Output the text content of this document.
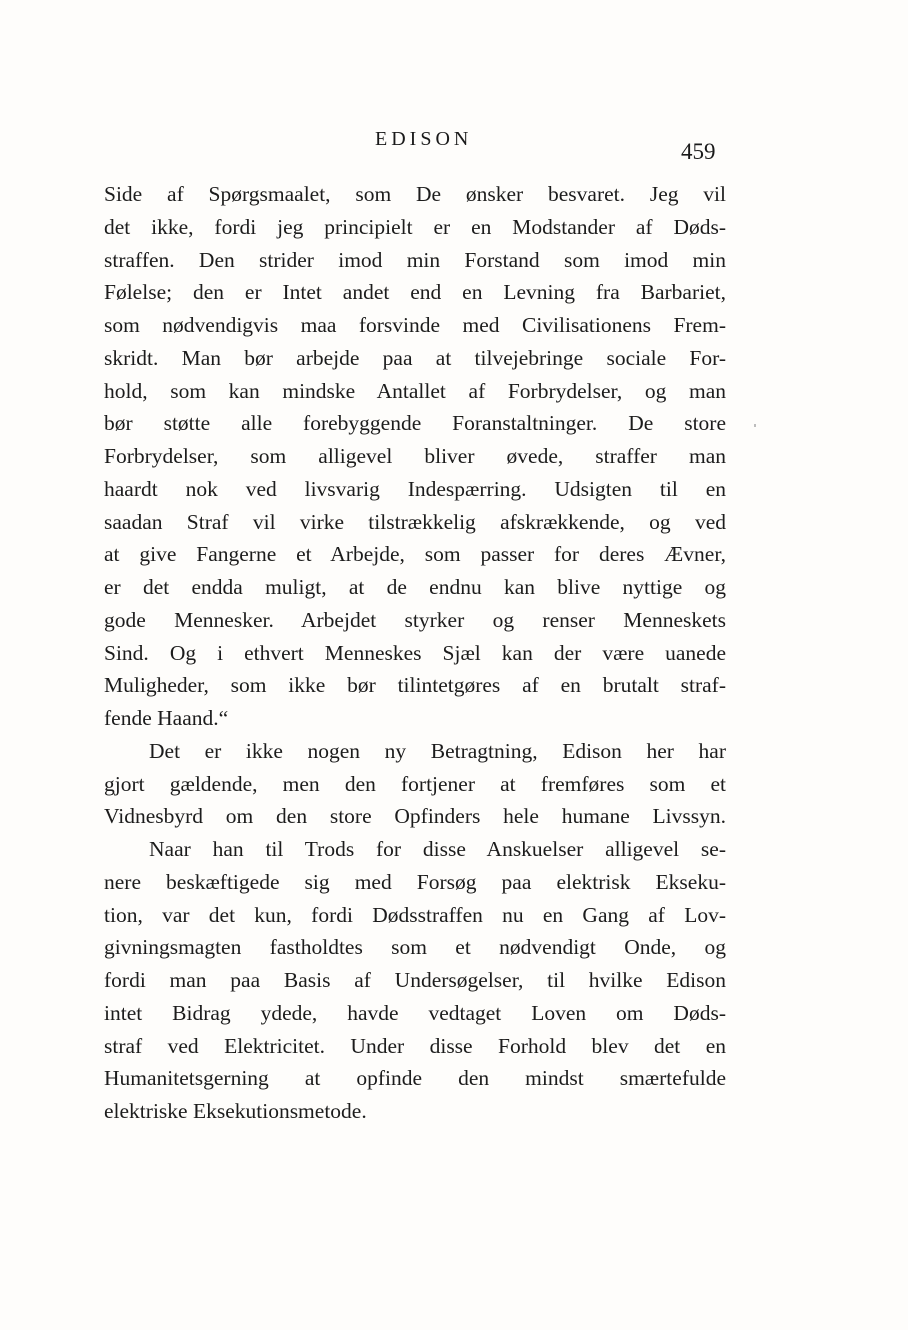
EDISON	459
Side af Spørgsmaalet, som De ønsker besvaret. Jeg vil
det ikke, fordi jeg principielt er en Modstander af Døds-
straffen. Den strider imod min Forstand som imod min
Følelse; den er Intet andet end en Levning fra Barbariet,
som nødvendigvis maa forsvinde med Civilisationens Frem-
skridt. Man bør arbejde paa at tilvejebringe sociale For-
hold, som kan mindske Antallet af Forbrydelser, og man
bør støtte alle forebyggende Foranstaltninger. De store
Forbrydelser, som alligevel bliver øvede, straffer man
haardt nok ved livsvarig Indespærring. Udsigten til en
saadan Straf vil virke tilstrækkelig afskrækkende, og ved
at give Fangerne et Arbejde, som passer for deres Ævner,
er det endda muligt, at de endnu kan blive nyttige og
gode Mennesker. Arbejdet styrker og renser Menneskets
Sind. Og i ethvert Menneskes Sjæl kan der være uanede
Muligheder, som ikke bør tilintetgøres af en brutalt straf-
fende Haand.“
Det er ikke nogen ny Betragtning, Edison her har
gjort gældende, men den fortjener at fremføres som et
Vidnesbyrd om den store Opfinders hele humane Livssyn.
Naar han til Trods for disse Anskuelser alligevel se-
nere beskæftigede sig med Forsøg paa elektrisk Ekseku-
tion, var det kun, fordi Dødsstraffen nu en Gang af Lov-
givningsmagten fastholdtes som et nødvendigt Onde, og
fordi man paa Basis af Undersøgelser, til hvilke Edison
intet Bidrag ydede, havde vedtaget Loven om Døds-
straf ved Elektricitet. Under disse Forhold blev det en
Humanitetsgerning at opfinde den mindst smærtefulde
elektriske Eksekutionsmetode.
